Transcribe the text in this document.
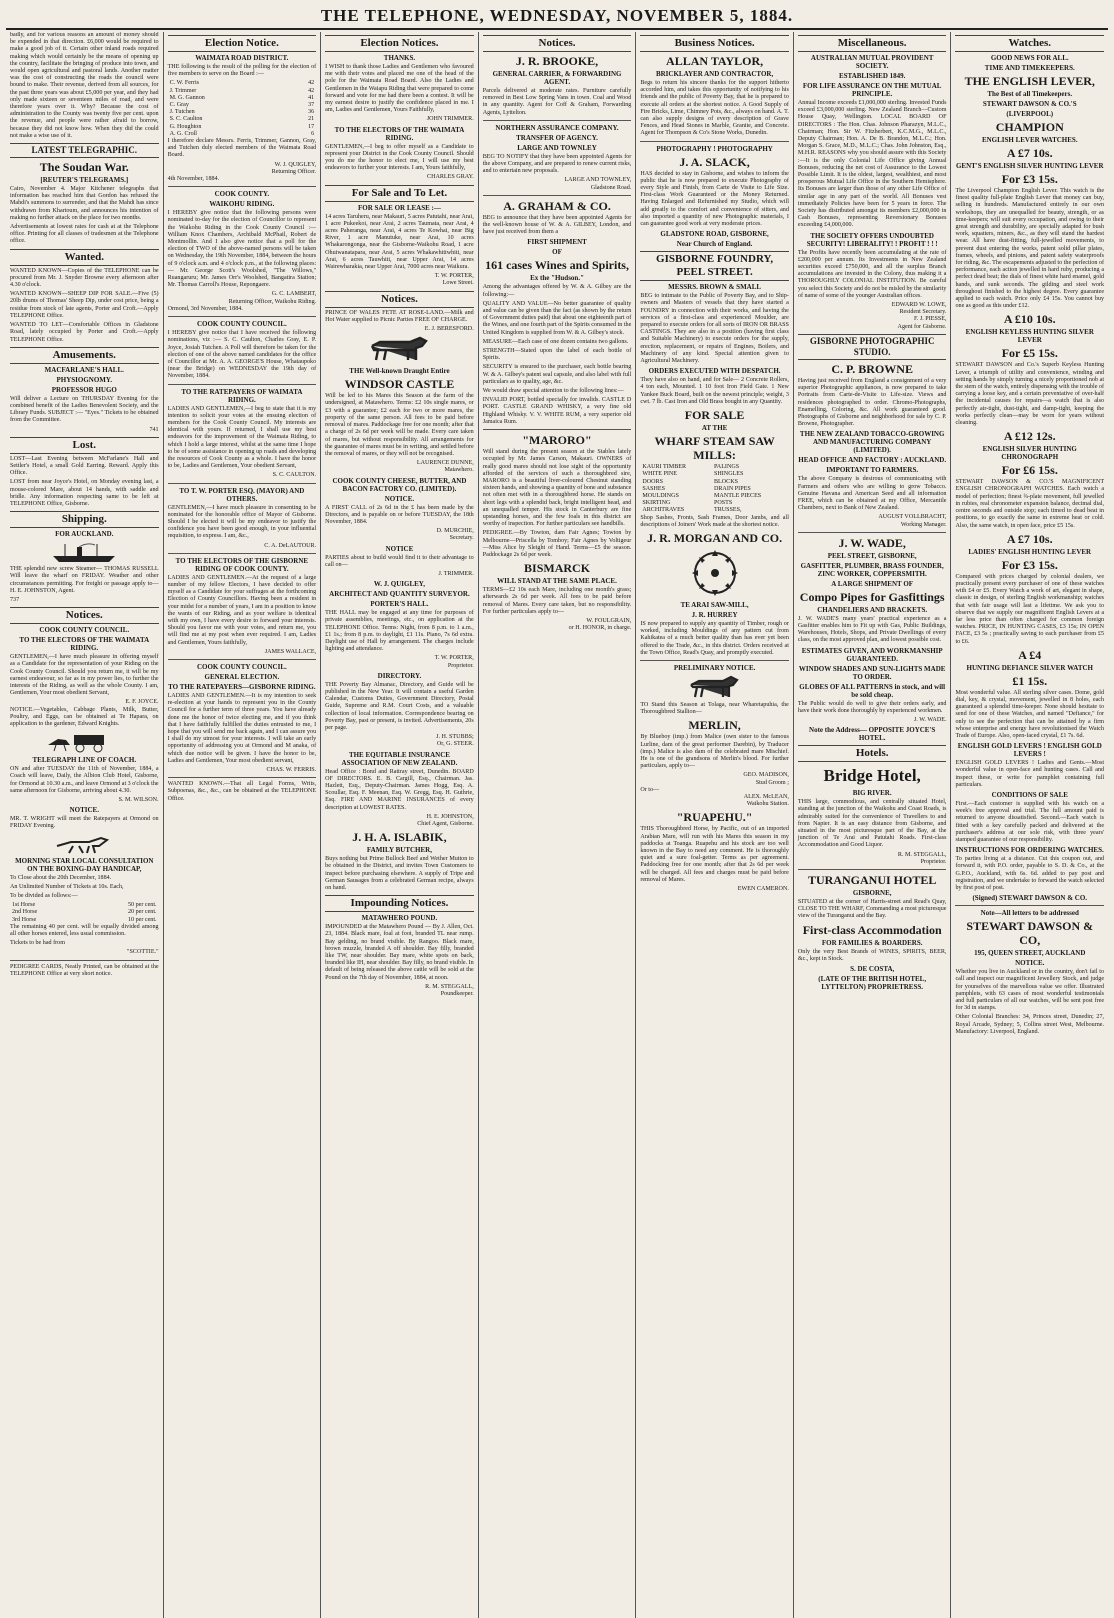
THE TELEPHONE, WEDNESDAY, NOVEMBER 5, 1884.

badly, and for various reasons an amount of money should be expended in that direction. £6,000 would be required to make a good job of it. Certain other inland roads required making which would certainly be the means of opening up the country, facilitate the bringing of produce into town, and would open agricultural and pastoral lands. Another matter was the cost of constructing the roads the council were bound to make. Their revenue, derived from all sources, for the past three years was about £5,000 per year, and they had only made sixteen or seventeen miles of road, and were therefore years over it. Why? Because the cost of administration to the County was twenty five per cent. upon the revenue, and people were rather afraid to borrow, because they did not know how. When they did the could not make a wise use of it.

LATEST TELEGRAPHIC.
The Soudan War.
[REUTER'S TELEGRAMS.]

Cairo, November 4. Major Kitchener telegraphs that information has reached him that Gordon has refused the Mahdi's summons to surrender, and that the Mahdi has since withdrawn from Khartoum, and announces his intention of making no further attack on the place for two months.

Advertisements at lowest rates for cash at at the Telephone office. Printing for all classes of tradesmen at the Telephone office.

Wanted.

WANTED KNOWN—Copies of the TELEPHONE can be procured from Mr. J. Snyder Browne every afternoon after 4.30 o'clock.

WANTED KNOWN—SHEEP DIP FOR SALE.—Five (5) 20lb drums of Thomas' Sheep Dip, under cost price, being a residue from stock of late agents, Porter and Croft.—Apply TELEPHONE Office.

WANTED TO LET—Comfortable Offices in Gladstone Road, lately occupied by Porter and Croft.—Apply TELEPHONE Office.

Amusements.
MACFARLANE'S HALL.
PHYSIOGNOMY.
PROFESSOR HUGO

Will deliver a Lecture on THURSDAY Evening for the combined benefit of the Ladies Benevolent Society, and the Library Funds. SUBJECT :— "Eyes." Tickets to be obtained from the Committee.

741
Lost.

LOST—Last Evening between McFarlane's Hall and Settler's Hotel, a small Gold Earring. Reward. Apply this Office.

LOST from near Joyce's Hotel, on Monday evening last, a mouse-colored Mare, about 14 hands, with saddle and bridle. Any information respecting same to be left at TELEPHONE Office, Gisborne.

Shipping.
FOR AUCKLAND.

THE splendid new screw Steamer— THOMAS RUSSELL Will leave the wharf on FRIDAY. Weather and other circumstances permitting. For freight or passage apply to— H. E. JOHNSTON, Agent.

737
Notices.
COOK COUNTY COUNCIL.
TO THE ELECTORS OF THE WAIMATA RIDING.

GENTLEMEN,—I have much pleasure in offering myself as a Candidate for the representation of your Riding on the Cook County Council. Should you return me, it will be my earnest endeavour, so far as in my power lies, to further the interests of the Riding, as well as the whole County. I am, Gentlemen, Your most obedient Servant,

E. F. JOYCE.

NOTICE.—Vegetables, Cabbage Plants, Milk, Butter, Poultry, and Eggs, can be obtained at Te Hapara, on application to the gardener, Edward Knights.

TELEGRAPH LINE OF COACH.

ON and after TUESDAY the 11th of November, 1884, a Coach will leave, Daily, the Albion Club Hotel, Gisborne, for Ormond at 10.30 a.m., and leave Ormond at 3 o'clock the same afternoon for Gisborne, arriving about 4.30.

S. M. WILSON.
NOTICE.

MR. T. WRIGHT will meet the Ratepayers at Ormond on FRIDAY Evening.

MORNING STAR LOCAL CONSULTATION ON THE BOXING-DAY HANDICAP,

To Close about the 20th December, 1884.

An Unlimited Number of Tickets at 10s. Each,

To be divided as follows:—

1st Horse	50 per cent.
2nd Horse	20 per cent.
3rd Horse	10 per cent.

The remaining 40 per cent. will be equally divided among all other horses entered, less usual commission.

Tickets to be had from

"SCOTTIE."

PEDIGREE CARDS, Neatly Printed, can be obtained at the TELEPHONE Office at very short notice.

Election Notice.
WAIMATA ROAD DISTRICT.

THE following is the result of the polling for the election of five members to serve on the Board :—

C. W. Ferris	42
J. Trimmer	42
M. G. Gannon	41
C. Gray	37
J. Tutchen	36
S. C. Caulton	21
G. Houghton	17
A. G. Croll	6

I therefore declare Messrs. Ferris, Trimmer, Gannon, Gray, and Tutchen duly elected members of the Waimata Road Board.

W. J. QUIGLEY,
Returning Officer.
4th November, 1884.
COOK COUNTY.
WAIKOHU RIDING.

I HEREBY give notice that the following persons were nominated to-day for the election of Councillor to represent the Waikohu Riding in the Cook County Council :— William Knox Chambers, Archibald McPhail, Robert de Montmollin. And I also give notice that a poll for the election of TWO of the above-named persons will be taken on Wednesday, the 19th November, 1884, between the hours of 9 o'clock a.m. and 4 o'clock p.m., at the following places:— Mr. George Scott's Woolshed, "The Willows," Ruangaruru; Mr. James Orr's Woolshed, Bangatira Station; Mr. Thomas Carroll's House, Repongaere.

G. C. LAMBERT,
Returning Officer, Waikohu Riding.
Ormond, 3rd November, 1884.
COOK COUNTY COUNCIL.

I HEREBY give notice that I have received the following nominations, viz :— S. C. Caulton, Charles Gray, E. P. Joyce, Josiah Tutchen. A Poll will therefore be taken for the election of one of the above named candidates for the office of Councillor at Mr. A. A. GEORGE'S House, Whataupoko (near the Bridge) on WEDNESDAY the 19th day of November, 1884.

TO THE RATEPAYERS OF WAIMATA RIDING.

LADIES AND GENTLEMEN,—I beg to state that it is my intention to solicit your votes at the ensuing election of members for the Cook County Council. My interests are identical with yours. If returned, I shall use my best endeavors for the improvement of the Waimata Riding, to which I hold a large interest, whilst at the same time I hope to be of some assistance in opening up roads and developing the resources of Cook County as a whole. I have the honor to be, Ladies and Gentlemen, Your obedient Servant,

S. C. CAULTON.
TO T. W. PORTER ESQ. (MAYOR) AND OTHERS.

GENTLEMEN,—I have much pleasure in consenting to be nominated for the honorable office of Mayor of Gisborne. Should I be elected it will be my endeavor to justify the confidence you have been good enough, in your influential requisition, to express. I am, &c.,

C. A. DeLAUTOUR.
TO THE ELECTORS OF THE GISBORNE RIDING OF COOK COUNTY.

LADIES AND GENTLEMEN.—At the request of a large number of my fellow Electors, I have decided to offer myself as a Candidate for your suffrages at the forthcoming Election of County Councillors. Having been a resident in your midst for a number of years, I am in a position to know the wants of our Riding, and as your welfare is identical with my own, I have every desire to forward your interests. Should you favor me with your votes, and return me, you will find me at my post when ever required. I am, Ladies and Gentlemen, Yours faithfully,

JAMES WALLACE,
COOK COUNTY COUNCIL.
GENERAL ELECTION.
TO THE RATEPAYERS—GISBORNE RIDING.

LADIES AND GENTLEMEN.—It is my intention to seek re-election at your hands to represent you in the County Council for a further term of three years. You have already done me the honor of twice electing me, and if you think that I have faithfully fulfilled the duties entrusted to me, I hope that you will send me back again, and I can assure you I shall do my utmost for your interests. I will take an early opportunity of addressing you at Ormond and M anaka, of which due notice will be given. I have the honor to be, Ladies and Gentlemen, Your most obedient servant,

CHAS. W. FERRIS.

WANTED KNOWN.—That all Legal Forms, Writs, Subpoenas, &c., &c., can be obtained at the TELEPHONE Office.

Election Notices.
THANKS.

I WISH to thank those Ladies and Gentlemen who favoured me with their votes and placed me one of the head of the pole for the Waimata Road Board. Also the Ladies and Gentlemen in the Waiapu Riding that were prepared to come forward and vote for me had there been a contest. It will be my earnest desire to justify the confidence placed in me. I am, Ladies and Gentlemen, Yours Faithfully,

JOHN TRIMMER.
TO THE ELECTORS OF THE WAIMATA RIDING.

GENTLEMEN,—I beg to offer myself as a Candidate to represent your District in the Cook County Council. Should you do me the honor to elect me, I will use my best endeavors to further your interests. I am, Yours faithfully,

CHARLES GRAY.
For Sale and To Let.
FOR SALE OR LEASE :—

14 acres Taruheru, near Makauri, 5 acres Patutahi, near Arai, 1 acre Pukeekoi, near Arai, 2 acres Taumata, near Arai, 4 acres Paheranga, near Arai, 4 acres Te Kowhai, near Big River, 1 acre Manutuke, near Arai, 10 acres Whakarongonga, near the Gisborne-Waikohu Road, 1 acre Ohuiwanatapara, near Arai, 5 acres Whakawhitiwhiti, near Arai, 6 acres Tauwhiti, near Upper Arai, 14 acres Wairewharakia, near Upper Arai, 7000 acres near Waikura.

T. W. PORTER,
Lowe Street.
Notices.

PRINCE OF WALES FETE AT ROSE-LAND.—Milk and Hot Water supplied to Picnic Parties FREE OF CHARGE.

E. J. BERESFORD.
THE Well-known Draught Entire
WINDSOR CASTLE

Will be led to his Mares this Season at the farm of the undersigned, at Matawhero. Terms: £2 10s single mares, or £3 with a guarantee; £2 each for two or more mares, the property of the same person. All fees to be paid before removal of mares. Paddockage free for one month; after that a charge of 2s 6d per week will be made. Every care taken of mares, but without responsibility. All arrangements for the guarantee of mares must be in writing, and settled before the removal of mares, or they will not be recognised.

LAURENCE DUNNE,
Matawhero.
COOK COUNTY CHEESE, BUTTER, AND BACON FACTORY CO. (LIMITED).
NOTICE.

A FIRST CALL of 2s 6d in the £ has been made by the Directors, and is payable on or before TUESDAY, the 18th November, 1884.

D. MURCHIE,
Secretary.
NOTICE

PARTIES about to build would find it to their advantage to call on—

J. TRIMMER.
W. J. QUIGLEY,
ARCHITECT AND QUANTITY SURVEYOR.
PORTER'S HALL.

THE HALL may be engaged at any time for purposes of private assemblies, meetings, etc., on application at the TELEPHONE Office. Terms: Night, from 8 p.m. to 1 a.m., £1 1s.; from 8 p.m. to daylight, £1 11s. Piano, 7s 6d extra. Daylight use of Hall by arrangement. The charges include lighting and attendance.

T. W. PORTER,
Proprietor.
DIRECTORY.

THE Poverty Bay Almanac, Directory, and Guide will be published in the New Year. It will contain a useful Garden Calendar, Customs Duties, Government Directory, Postal Guide, Supreme and R.M. Court Costs, and a valuable collection of local information. Correspondence bearing on Poverty Bay, past or present, is invited. Advertisements, 20s per page.

J. H. STUBBS;
Or, G. STEER.
THE EQUITABLE INSURANCE ASSOCIATION OF NEW ZEALAND.

Head Office : Bond and Rattray street, Dunedin. BOARD OF DIRECTORS. E. B. Cargill, Esq., Chairman. Jas. Hazlett, Esq., Deputy-Chairman. James Hogg, Esq. A. Scoullar, Esq. F. Meenan, Esq. W. Gregg, Esq. H. Guthrie, Esq. FIRE AND MARINE INSURANCES of every description at LOWEST RATES.

H. E. JOHNSTON,
Chief Agent, Gisborne.
J. H. A. ISLABIK,
FAMILY BUTCHER,

Buys nothing but Prime Bullock Beef and Wether Mutton to be obtained in the District, and invites Town Customers to inspect before purchasing elsewhere. A supply of Tripe and German Sausages from a celebrated German recipe, always on hand.

Impounding Notices.
MATAWHERO POUND.

IMPOUNDED at the Matawhero Pound — By J. Allen, Oct. 23, 1884. Black mare, foal at foot, branded TL near rump. Bay gelding, no brand visible. By Rangoo. Black mare, brown muzzle, branded A off shoulder. Bay filly, branded like TW, near shoulder. Bay mare, white spots on back, branded like IH, near shoulder. Bay filly, no brand visible. In default of being released the above cattle will be sold at the Pound on the 7th day of November, 1884, at noon.

R. M. STEGGALL,
Poundkeeper.
Notices.
J. R. BROOKE,
GENERAL CARRIER, & FORWARDING AGENT.

Parcels delivered at moderate rates. Furniture carefully removed in Best Low Spring Vans in town. Coal and Wood in any quantity. Agent for Coff & Graham, Forwarding Agents, Lyttelton.

NORTHERN ASSURANCE COMPANY.
TRANSFER OF AGENCY.
LARGE AND TOWNLEY

BEG TO NOTIFY that they have been appointed Agents for the above Company, and are prepared to renew current risks, and to entertain new proposals.

LARGE AND TOWNLEY,
Gladstone Road.
A. GRAHAM & CO.

BEG to announce that they have been appointed Agents for the well-known house of W. & A. GILBEY, London, and have just received from them a

FIRST SHIPMENT
OF
161 cases Wines and Spirits,
Ex the "Hudson."

Among the advantages offered by W. & A. Gilbey are the following:—

QUALITY AND VALUE—No better guarantee of quality and value can be given than the fact (as shown by the return of Government duties paid) that about one eighteenth part of the Wines, and one fourth part of the Spirits consumed in the United Kingdom is supplied from W. & A. Gilbey's stock.

MEASURE—Each case of one dozen contains two gallons.

STRENGTH—Stated upon the label of each bottle of Spirits.

SECURITY is ensured to the purchaser, each bottle bearing W. & A. Gilbey's patent seal capsule, and also label with full particulars as to quality, age, &c.

We would draw special attention to the following lines:—

INVALID PORT, bottled specially for invalids. CASTLE D PORT. CASTLE GRAND WHISKY, a very fine old Highland Whisky. V. V. WHITE RUM, a very superior old Jamaica Rum.

"MARORO"

Will stand during the present season at the Stables lately occupied by Mr. James Carson, Makauri. OWNERS of really good mares should not lose sight of the opportunity afforded of the services of such a thoroughbred sire, MARORO is a beautiful liver-coloured Chestnut standing sixteen hands, and showing a quantity of bone and substance not often met with in a thoroughbred horse. He stands on short legs with a splendid back, bright intelligent head, and an unequalled temper. His stock in Canterbury are fine upstanding horses, and the few foals in this district are worthy of inspection. For further particulars see handbills.

PEDIGREE.—By Towton, dam Fair Agnes; Towton by Melbourne—Priscella by Tomboy; Fair Agnes by Voltigeur—Miss Alice by Sleight of Hand. Terms—£5 the season. Paddockage 2s 6d per week.

BISMARCK
WILL STAND AT THE SAME PLACE.

TERMS—£2 10s each Mare, including one month's grass; afterwards 2s 6d per week. All fees to be paid before removal of Mares. Every care taken, but no responsibility. For further particulars apply to—

W. FOULGRAIN,
or H. HONOR, in charge.
Business Notices.
ALLAN TAYLOR,
BRICKLAYER AND CONTRACTOR,

Begs to return his sincere thanks for the support hitherto accorded him, and takes this opportunity of notifying to his friends and the public of Poverty Bay, that he is prepared to execute all orders at the shortest notice. A Good Supply of Fire Bricks, Lime, Chimney Pots, &c., always on hand. A. T. can also supply designs of every description of Grave Fences, and Head Stones in Marble, Granite, and Concrete. Agent for Thompson & Co's Stone Works, Dunedin.

PHOTOGRAPHY ! PHOTOGRAPHY
J. A. SLACK,

HAS decided to stay in Gisborne, and wishes to inform the public that he is now prepared to execute Photography of every Style and Finish, from Carte de Visite to Life Size. First-class Work Guaranteed or the Money Returned. Having Enlarged and Refurnished my Studio, which will add greatly to the comfort and convenience of sitters, and also imported a quantity of new Photographic materials, I can guarantee good work at very moderate prices.

GLADSTONE ROAD, GISBORNE,
Near Church of England.
GISBORNE FOUNDRY, PEEL STREET.
MESSRS. BROWN & SMALL

BEG to intimate to the Public of Poverty Bay, and to Ship-owners and Masters of vessels that they have started a FOUNDRY in connection with their works, and having the services of a first-class and experienced Moulder, are prepared to execute orders for all sorts of IRON OR BRASS CASTINGS. They are also in a position (having first class and Suitable Machinery) to execute orders for the supply, erection, replacement, or repairs of Engines, Boilers, and Machinery of any kind. Special attention given to Agricultural Machinery.

ORDERS EXECUTED WITH DESPATCH.

They have also on hand, and for Sale— 2 Concrete Rollers, 4 ton each, Mounted. 1 10 foot Iron Field Gate. 1 New Yankee Buck Board, built on the newest principle; weight, 3 cwt. 7 lb. Cast Iron and Old Brass bought in any Quantity.

FOR SALE
AT THE
WHARF STEAM SAW MILLS:
KAURI TIMBER	PALINGS
WHITE PINE	SHINGLES
DOORS	BLOCKS
SASHES	DRAIN PIPES
MOULDINGS	MANTLE PIECES
SKIRTING	POSTS
ARCHITRAVES	TRUSSES,

Shop Sashes, Fronts, Sash Frames, Door Jambs, and all descriptions of Joiners' Work made at the shortest notice.

J. R. MORGAN AND CO.
TE ARAI SAW-MILL,
J. R. HURREY

IS now prepared to supply any quantity of Timber, rough or worked, including Mouldings of any pattern cut from Kahikatea of a much better quality than has ever yet been offered to the Trade, &c., in this district. Orders received at the Town Office, Read's Quay, and promptly executed.

PRELIMINARY NOTICE.

TO Stand this Season at Tolaga, near Wharetapuhia, the Thoroughbred Stallion—

MERLIN,

By Blueboy (imp.) from Malice (own sister to the famous Lurline, dam of the great performer Darebin), by Traducer (imp.) Malice is also dam of the celebrated mare Mischief. He is one of the grandsons of Merlin's blood. For further particulars, apply to—

GEO. MADISON,
Stud Groom ;
Or to—
ALEX. McLEAN,
Waikohu Station.
"RUAPEHU."

THIS Thoroughbred Horse, by Pacific, out of an imported Arabian Mare, will run with his Mares this season in my paddocks at Toanga. Ruapehu and his stock are too well known in the Bay to need any comment. He is thoroughly quiet and a sure foal-getter. Terms as per agreement. Paddocking free for one month; after that 2s 6d per week will be charged. All fees and charges must be paid before removal of Mares.

EWEN CAMERON.
Miscellaneous.
AUSTRALIAN MUTUAL PROVIDENT SOCIETY.
ESTABLISHED 1849.
FOR LIFE ASSURANCE ON THE MUTUAL PRINCIPLE.

Annual Income exceeds £1,000,000 sterling. Invested Funds exceed £3,000,000 sterling. New Zealand Branch—Custom House Quay, Wellington. LOCAL BOARD OF DIRECTORS : The Hon. Chas. Johnson Pharazyn, M.L.C., Chairman; Hon. Sir W. Fitzherbert, K.C.M.G., M.L.C., Deputy Chairman; Hon. A. De B. Brandon, M.L.C.; Hon. Morgan S. Grace, M.D., M.L.C.; Chas. John Johnston, Esq., M.H.R. REASONS why you should assure with this Society :—It is the only Colonial Life Office giving Annual Bonuses, reducing the net cost of Assurance to the Lowest Possible Limit. It is the oldest, largest, wealthiest, and most prosperous Mutual Life Office in the Southern Hemisphere. Its Bonuses are larger than those of any other Life Office of similar age in any part of the world. All Bonuses vest immediately Policies have been for 5 years in force. The Society has distributed amongst its members £2,000,000 in Cash Bonuses, representing Reversionary Bonuses exceeding £4,000,000.

THE SOCIETY OFFERS UNDOUBTED SECURITY! LIBERALITY! ! PROFIT ! ! !

The Profits have recently been accumulating at the rate of £200,000 per annum. Its Investments in New Zealand securities exceed £750,000, and all the surplus Branch accumulations are invested in the Colony, thus making it a THOROUGHLY COLONIAL INSTITUTION. Be careful you select this Society and do not be misled by the similarity of name of some of the younger Australian offices.

EDWARD W. LOWE,
Resident Secretary.
F. J. PIESSE,
Agent for Gisborne.
GISBORNE PHOTOGRAPHIC STUDIO.
C. P. BROWNE

Having just received from England a consignment of a very superior Photographic appliances, is now prepared to take Portraits from Carte-de-Visite to Life-size. Views and residences photographed to order. Chromo-Photographs, Enamelling, Coloring, &c. All work guaranteed good. Photographs of Gisborne and neighborhood for sale by C. P. Browne, Photographer.

THE NEW ZEALAND TOBACCO-GROWING AND MANUFACTURING COMPANY (LIMITED).
HEAD OFFICE AND FACTORY : AUCKLAND.
IMPORTANT TO FARMERS.

The above Company is desirous of communicating with Farmers and others who are willing to grow Tobacco. Genuine Havana and American Seed and all information FREE, which can be obtained at my Office, Mercantile Chambers, next to Bank of New Zealand.

AUGUST VOLLBRACHT,
Working Manager.
J. W. WADE,
PEEL STREET, GISBORNE,
GASFITTER, PLUMBER, BRASS FOUNDER, ZINC WORKER, COPPERSMITH.
A LARGE SHIPMENT OF
Compo Pipes for Gasfittings
CHANDELIERS AND BRACKETS.

J. W. WADE'S many years' practical experience as a Gasfitter enables him to Fit up with Gas, Public Buildings, Warehouses, Hotels, Shops, and Private Dwellings of every class, on the most approved plan, and lowest possible cost.

ESTIMATES GIVEN, AND WORKMANSHIP GUARANTEED.
WINDOW SHADES AND SUN-LIGHTS MADE TO ORDER.
GLOBES OF ALL PATTERNS in stock, and will be sold cheap.

The Public would do well to give their orders early, and have their work done thoroughly by experienced workmen.

J. W. WADE.
Note the Address— OPPOSITE JOYCE'S HOTEL.
Hotels.
Bridge Hotel,
BIG RIVER.

THIS large, commodious, and centrally situated Hotel, standing at the junction of the Waikohu and Coast Roads, is admirably suited for the convenience of Travellers to and from Napier. It is an easy distance from Gisborne, and situated in the most picturesque part of the Bay, at the junction of Te Arai and Patutahi Roads. First-class Accommodation and Good Liquor.

R. M. STEGGALL,
Proprietor.
TURANGANUI HOTEL
GISBORNE,

SITUATED at the corner of Harris-street and Read's Quay, CLOSE TO THE WHARF, Commanding a most picturesque view of the Turanganui and the Bay.

First-class Accommodation
FOR FAMILIES & BOARDERS.

Only the very Best Brands of WINES, SPIRITS, BEER, &c., kept in Stock.

S. DE COSTA,
(LATE OF THE BRITISH HOTEL, LYTTELTON) PROPRIETRESS.
Watches.
GOOD NEWS FOR ALL.
TIME AND TIMEKEEPERS.
THE ENGLISH LEVER,
The Best of all Timekeepers.
STEWART DAWSON & CO.'S
(LIVERPOOL)
CHAMPION
ENGLISH LEVER WATCHES.
A £7 10s.
GENT'S ENGLISH SILVER HUNTING LEVER
For £3 15s.

The Liverpool Champion English Lever. This watch is the finest quality full-plate English Lever that money can buy, selling in hundreds. Manufactured entirely in our own workshops, they are unequalled for beauty, strength, or as time-keepers; will suit every occupation, and owing to their great strength and durability, are specially adapted for bush work, squatters, miners, &c., as they will stand the hardest wear. All have dust-fitting, full-jewelled movements, to prevent dust entering the works, patent solid pillar plates, frames, wheels, and pinions, and patent safety waterproofs for riding, &c. The escapements adjusted to the perfection of performance, each action jewelled in hard ruby, producing a perfect dead beat; the dials of finest white hard enamel, gold hands, and sunk seconds. The gilding and steel work throughout finished to the highest degree. Every guarantee applied to each watch. Price only £4 15s. You cannot buy one as good as this under £12.

A £10 10s.
ENGLISH KEYLESS HUNTING SILVER LEVER
For £5 15s.

STEWART DAWSON and Co.'s Superb Keyless Hunting Lever, a triumph of utility and convenience, winding and setting hands by simply turning a nicely proportioned nob at the stem of the watch, entirely dispensing with the trouble of carrying a loose key, and a certain preventative of over-half the incidental causes for repairs—a watch that is also perfectly air-tight, dust-tight, and damp-tight, keeping the works perfectly clean—may be worn for years without cleaning.

A £12 12s.
ENGLISH SILVER HUNTING CHRONOGRAPH
For £6 15s.

STEWART DAWSON & CO.'S MAGNIFICENT ENGLISH CHRONOGRAPH WATCHES. Each watch a model of perfection; finest ¾-plate movement, full jewelled in rubies, real chronometer expansion balance, decimal dial, centre seconds and outside stop; each timed to dead beat in positions, to go exactly the same in extreme heat or cold. Also, the same watch, in open face, price £5 15s.

A £7 10s.
LADIES' ENGLISH HUNTING LEVER
For £3 15s.

Compared with prices charged by colonial dealers, we practically present every purchaser of one of these watches with £4 or £5. Every Watch a work of art, elegant in shape, classic in design, of sterling English workmanship; watches that with fair usage will last a lifetime. We ask you to observe that we supply our magnificent English Levers at a far less price than often charged for common foreign watches. PRICE, IN HUNTING CASES, £3 15s; IN OPEN FACE, £3 5s ; practically saving to each purchaser from £5 to £6.

A £4
HUNTING DEFIANCE SILVER WATCH
£1 15s.

Most wonderful value. All sterling silver cases. Dome, gold dial, key, & crystal, movement, jewelled in 8 holes, each guaranteed a splendid time-keeper. None should hesitate to send for one of these Watches, and named "Defiance," for only to see the perfection that can be attained by a firm whose enterprise and energy have revolutionised the Watch Trade of Europe. Also, open-faced crystal, £1 7s. 6d.

ENGLISH GOLD LEVERS ! ENGLISH GOLD LEVERS !

ENGLISH GOLD LEVERS ! Ladies and Gents.—Most wonderful value in open-face and hunting cases. Call and inspect these, or write for pamphlet containing full particulars.

CONDITIONS OF SALE

First.—Each customer is supplied with his watch on a week's free approval and trial. The full amount paid is returned to anyone dissatisfied. Second.—Each watch is fitted with a key carefully packed and delivered at the purchaser's address at our sole risk, with three years' stamped guarantee of our responsibility.

INSTRUCTIONS FOR ORDERING WATCHES.

To parties living at a distance. Cut this coupon out, and forward it, with P.O. order, payable to S. D. & Co., at the G.P.O., Auckland, with 6s. 6d. added to pay post and registration, and we undertake to forward the watch selected by first post of post.

(Signed) STEWART DAWSON & CO.
Note—All letters to be addressed
STEWART DAWSON & CO,
195, QUEEN STREET, AUCKLAND
NOTICE.

Whether you live in Auckland or in the country, don't fail to call and inspect our magnificent Jewellery Stock, and judge for yourselves of the marvellous value we offer. Illustrated pamphlets, with 63 cases of most wonderful testimonials and full particulars of all our watches, will be sent post free for 3d in stamps.

Other Colonial Branches: 34, Princes street, Dunedin; 27, Royal Arcade, Sydney; 5, Collins street West, Melbourne. Manufactory: Liverpool, England.
